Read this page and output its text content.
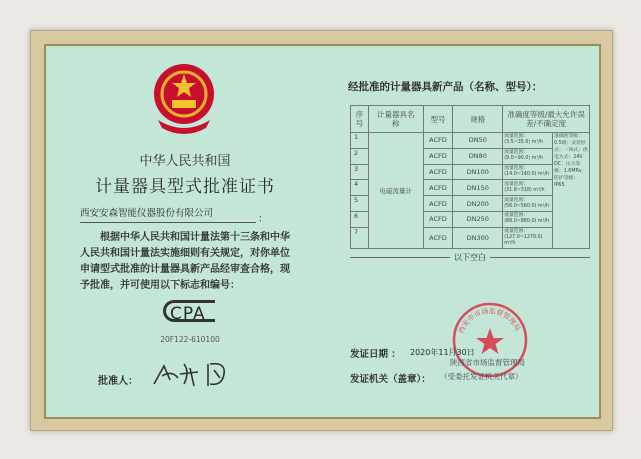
中华人民共和国
计量器具型式批准证书
西安安森智能仪器股份有限公司
：
根据中华人民共和国计量法第十三条和中华人民共和国计量法实施细则有关规定，对你单位申请型式批准的计量器具新产品经审查合格，现予批准，并可使用以下标志和编号：
CPA
20F122-610100
批准人：
经批准的计量器具新产品（名称、型号）：
序号	计量器具名　称	型号	规格	准确度等级/最大允许误差/不确定度	
1	电磁流量计	ACFD	DN50	流量范围：(3.5~35.0) m³/h	准确度等级：0.5级；安装形式：一体式；供电方式：24V DC；压力等级：1.6MPa；防护等级：IP65
2		ACFD	DN80	流量范围：(9.0~90.0) m³/h	
3		ACFD	DN100	流量范围：(14.0~140.0) m³/h	
4		ACFD	DN150	流量范围：(31.8~318) m³/h	
5		ACFD	DN200	流量范围：(56.0~560.0) m³/h	
6		ACFD	DN250	流量范围：(88.0~880.0) m³/h	
7		ACFD	DN300	流量范围：(127.0~1270.0) m³/h	
以下空白
西安市市场监督管理局
发证日期 ： 2020年11月30日
陕西省市场监督管理局
发证机关（盖章）： （受委托发证机关代章）
